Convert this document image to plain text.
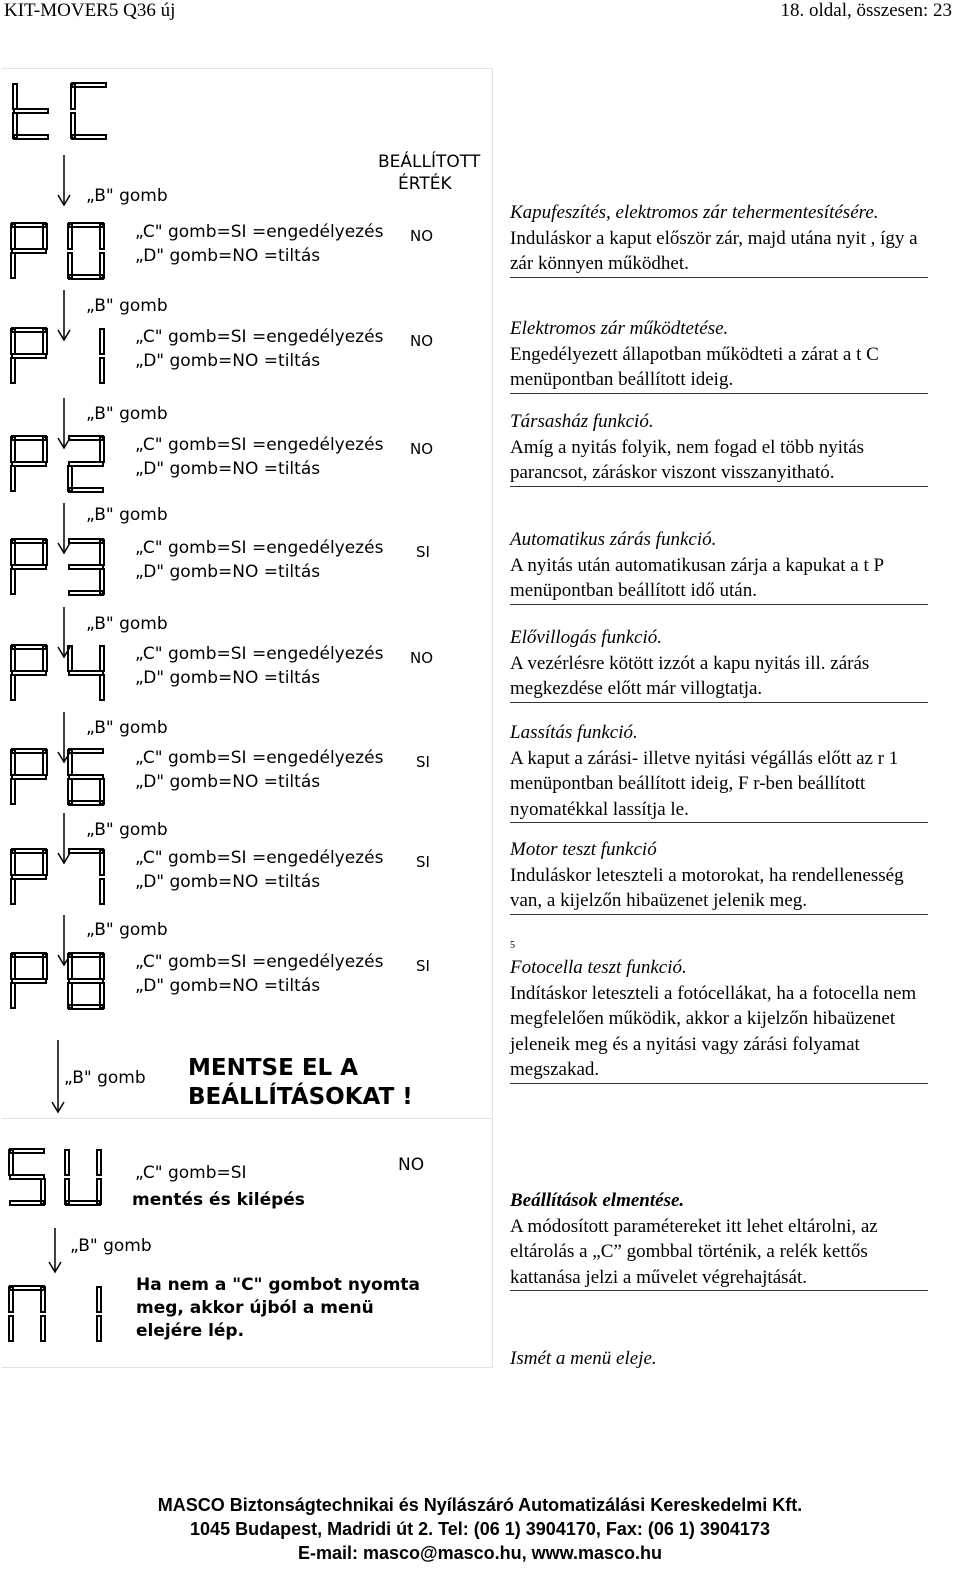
KIT-MOVER5 Q36 új	18. oldal, összesen: 23
BEÁLLÍTOTT
ÉRTÉK
„B" gomb
„C" gomb=SI =engedélyezés
„D" gomb=NO =tiltás
NO
„B" gomb
„C" gomb=SI =engedélyezés
„D" gomb=NO =tiltás
NO
„B" gomb
„C" gomb=SI =engedélyezés
„D" gomb=NO =tiltás
NO
„B" gomb
„C" gomb=SI =engedélyezés
„D" gomb=NO =tiltás
SI
„B" gomb
„C" gomb=SI =engedélyezés
„D" gomb=NO =tiltás
NO
„B" gomb
„C" gomb=SI =engedélyezés
„D" gomb=NO =tiltás
SI
„B" gomb
„C" gomb=SI =engedélyezés
„D" gomb=NO =tiltás
SI
„B" gomb
„C" gomb=SI =engedélyezés
„D" gomb=NO =tiltás
SI
„B" gomb
„B" gomb
MENTSE EL A
BEÁLLÍTÁSOKAT !
„C" gomb=SI	NO
mentés és kilépés
Ha nem a "C" gombot nyomta
meg, akkor újból a menü
elejére lép.
Kapufeszítés, elektromos zár tehermentesítésére.
Induláskor a kaput először zár, majd utána nyit , így a zár könnyen működhet.
Elektromos zár működtetése.
Engedélyezett állapotban működteti a zárat a t C menüpontban beállított ideig.
Társasház funkció.
Amíg a nyitás folyik, nem fogad el több nyitás parancsot, záráskor viszont visszanyitható.
Automatikus zárás funkció.
A nyitás után automatikusan zárja a kapukat a t P menüpontban beállított idő után.
Elővillogás funkció.
A vezérlésre kötött izzót a kapu nyitás ill. zárás megkezdése előtt már villogtatja.
Lassítás funkció.
A kaput a zárási- illetve nyitási végállás előtt az r 1 menüpontban beállított ideig, F r-ben beállított nyomatékkal lassítja le.
Motor teszt funkció
Induláskor leteszteli a motorokat, ha rendellenesség van, a kijelzőn hibaüzenet jelenik meg.
5
Fotocella teszt funkció.
Indításkor leteszteli a fotócellákat, ha a fotocella nem megfelelően működik, akkor a kijelzőn hibaüzenet jeleneik meg és a nyitási vagy zárási folyamat megszakad.
Beállítások elmentése.
A módosított paramétereket itt lehet eltárolni, az eltárolás a „C” gombbal történik, a relék kettős kattanása jelzi a művelet végrehajtását.
Ismét a menü eleje.
MASCO Biztonságtechnikai és Nyílászáró Automatizálási Kereskedelmi Kft.
1045 Budapest, Madridi út 2. Tel: (06 1) 3904170, Fax: (06 1) 3904173
E-mail: masco@masco.hu, www.masco.hu
